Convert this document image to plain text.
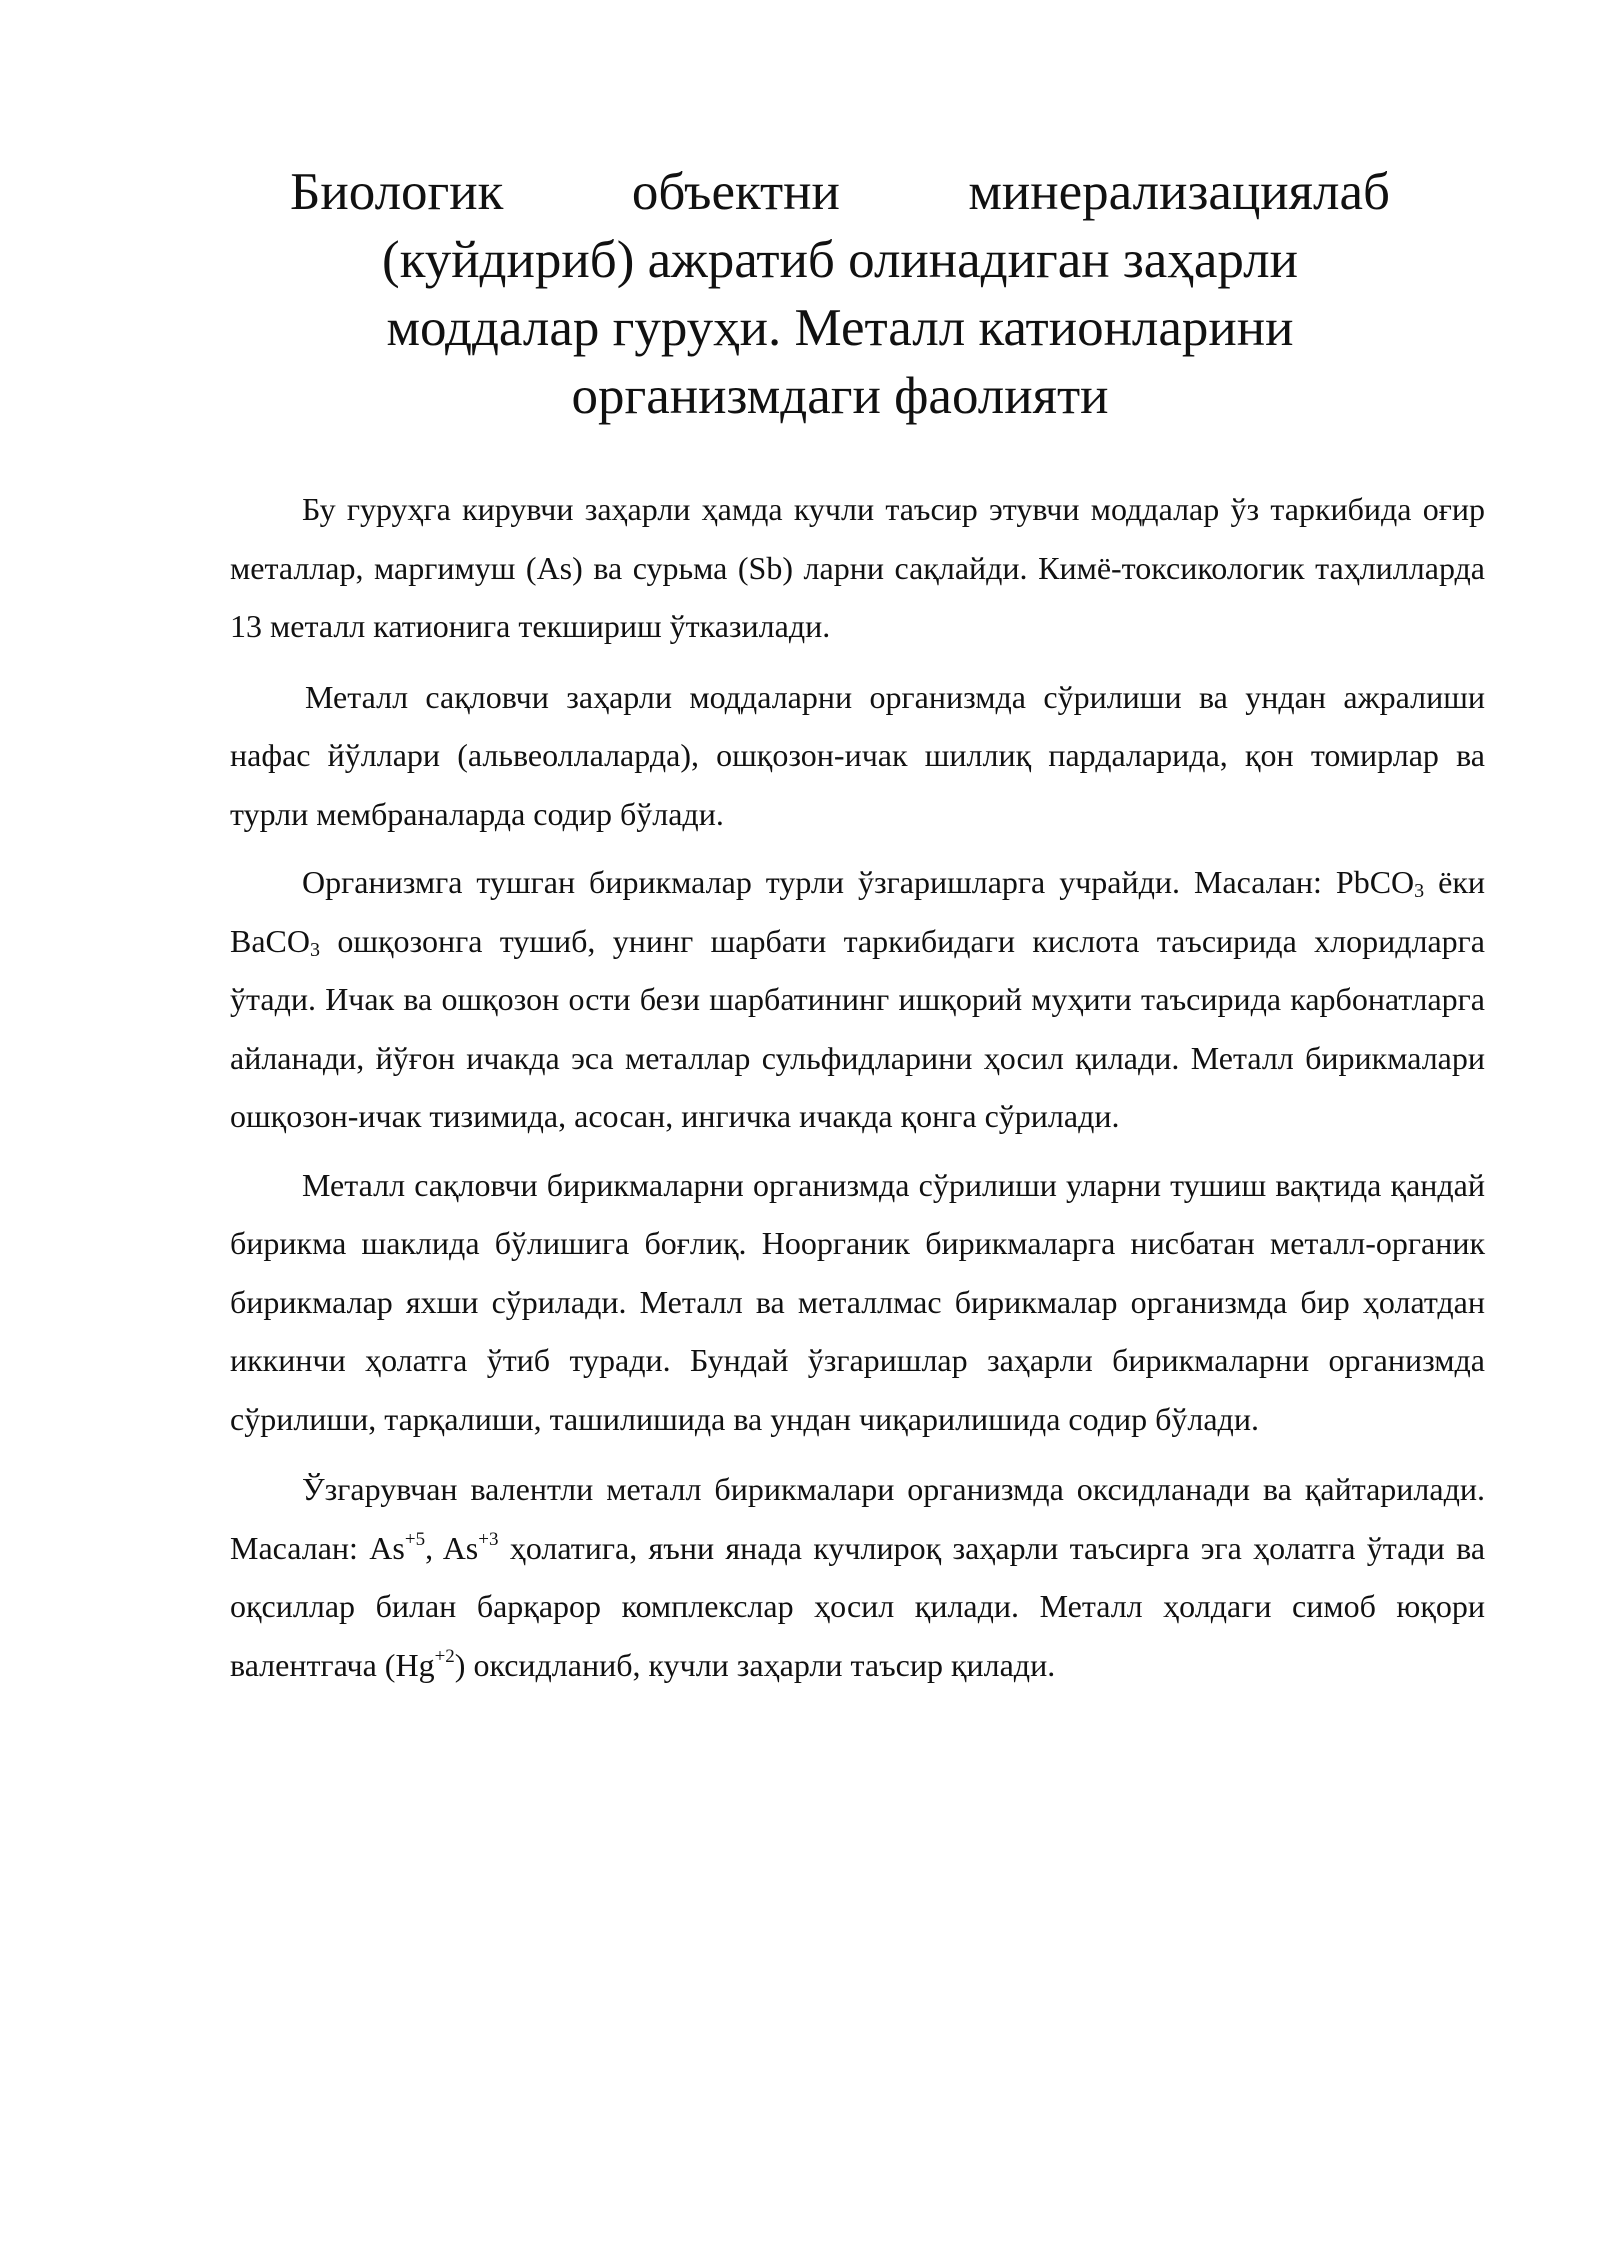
Биологик объектни минерализациялаб
(куйдириб) ажратиб олинадиган заҳарли
моддалар гуруҳи. Металл катионларини
организмдаги фаолияти

Бу гуруҳга кирувчи заҳарли ҳамда кучли таъсир этувчи моддалар ўз таркибида оғир металлар, маргимуш (As) ва сурьма (Sb) ларни сақлайди. Кимё-токсикологик таҳлилларда 13 металл катионига текшириш ўтказилади.

Металл сақловчи заҳарли моддаларни организмда сўрилиши ва ундан ажралиши нафас йўллари (альвеоллаларда), ошқозон-ичак шиллиқ пардаларида, қон томирлар ва турли мембраналарда содир бўлади.

Организмга тушган бирикмалар турли ўзгаришларга учрайди. Масалан: PbCO$_3$ ёки BaCO$_3$ ошқозонга тушиб, унинг шарбати таркибидаги кислота таъсирида хлоридларга ўтади. Ичак ва ошқозон ости бези шарбатининг ишқорий муҳити таъсирида карбонатларга айланади, йўғон ичакда эса металлар сульфидларини ҳосил қилади. Металл бирикмалари ошқозон-ичак тизимида, асосан, ингичка ичакда қонга сўрилади.

Металл сақловчи бирикмаларни организмда сўрилиши уларни тушиш вақтида қандай бирикма шаклида бўлишига боғлиқ. Ноорганик бирикмаларга нисбатан металл-органик бирикмалар яхши сўрилади. Металл ва металлмас бирикмалар организмда бир ҳолатдан иккинчи ҳолатга ўтиб туради. Бундай ўзгаришлар заҳарли бирикмаларни организмда сўрилиши, тарқалиши, ташилишида ва ундан чиқарилишида содир бўлади.

Ўзгарувчан валентли металл бирикмалари организмда оксидланади ва қайтарилади. Масалан: $As^{+5}$, $As^{+3}$ ҳолатига, яъни янада кучлироқ заҳарли таъсирга эга ҳолатга ўтади ва оқсиллар билан барқарор комплекслар ҳосил қилади. Металл ҳолдаги симоб юқори валентгача $(Hg^{+2})$ оксидланиб, кучли заҳарли таъсир қилади.
